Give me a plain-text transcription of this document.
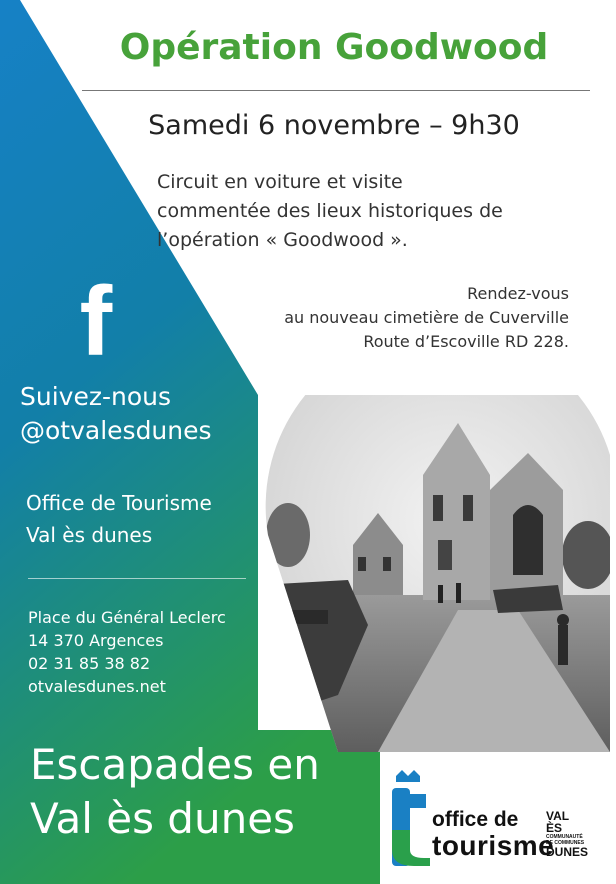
Opération Goodwood
Samedi 6 novembre – 9h30
Circuit en voiture et visite
commentée des lieux historiques de
l’opération « Goodwood ».
Rendez-vous
au nouveau cimetière de Cuverville
Route d’Escoville RD 228.
f
Suivez-nous
@otvalesdunes
Office de Tourisme
Val ès dunes
Place du Général Leclerc
14 370 Argences
02 31 85 38 82
otvalesdunes.net
Escapades en
Val ès dunes	office de
tourisme
VAL
ÈS
COMMUNAUTÉ
DE COMMUNES
DUNES
